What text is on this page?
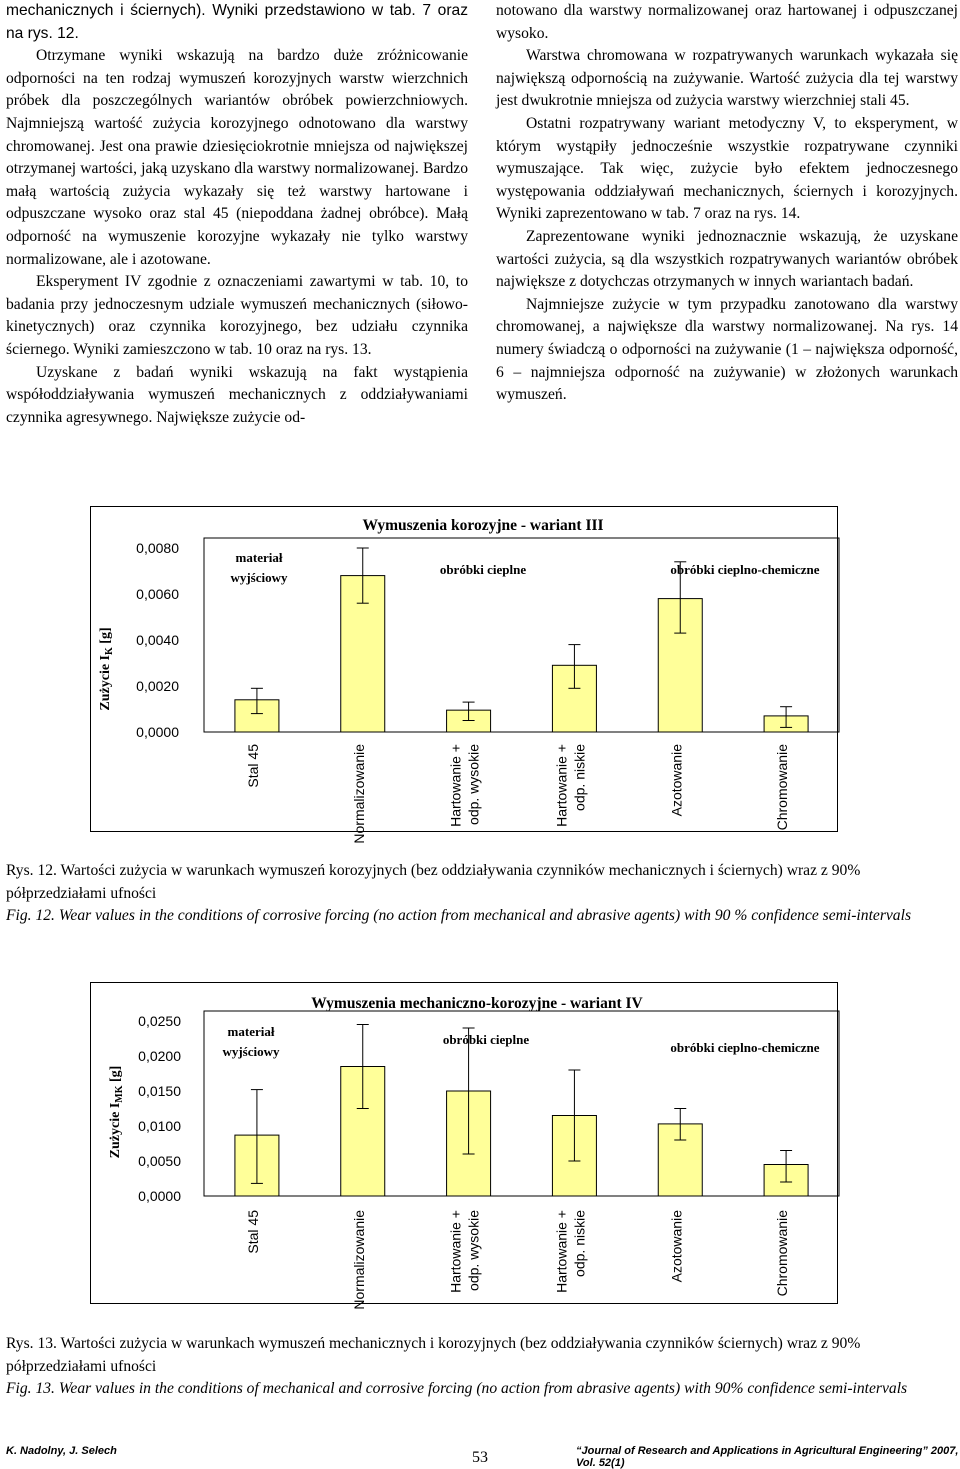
mechanicznych i ściernych). Wyniki przedstawiono w tab. 7 oraz na rys. 12.

Otrzymane wyniki wskazują na bardzo duże zróżnicowanie odporności na ten rodzaj wymuszeń korozyjnych warstw wierzchnich próbek dla poszczególnych wariantów obróbek powierzchniowych. Najmniejszą wartość zużycia korozyjnego odnotowano dla warstwy chromowanej. Jest ona prawie dziesięciokrotnie mniejsza od największej otrzymanej wartości, jaką uzyskano dla warstwy normalizowanej. Bardzo małą wartością zużycia wykazały się też warstwy hartowane i odpuszczane wysoko oraz stal 45 (niepoddana żadnej obróbce). Małą odporność na wymuszenie korozyjne wykazały nie tylko warstwy normalizowane, ale i azotowane.

Eksperyment IV zgodnie z oznaczeniami zawartymi w tab. 10, to badania przy jednoczesnym udziale wymuszeń mechanicznych (siłowo-kinetycznych) oraz czynnika korozyjnego, bez udziału czynnika ściernego. Wyniki zamieszczono w tab. 10 oraz na rys. 13.

Uzyskane z badań wyniki wskazują na fakt wystąpienia współoddziaływania wymuszeń mechanicznych z oddziaływaniami czynnika agresywnego. Największe zużycie od-

notowano dla warstwy normalizowanej oraz hartowanej i odpuszczanej wysoko.

Warstwa chromowana w rozpatrywanych warunkach wykazała się największą odpornością na zużywanie. Wartość zużycia dla tej warstwy jest dwukrotnie mniejsza od zużycia warstwy wierzchniej stali 45.

Ostatni rozpatrywany wariant metodyczny V, to eksperyment, w którym wystąpiły jednocześnie wszystkie rozpatrywane czynniki wymuszające. Tak więc, zużycie było efektem jednoczesnego występowania oddziaływań mechanicznych, ściernych i korozyjnych. Wyniki zaprezentowano w tab. 7 oraz na rys. 14.

Zaprezentowane wyniki jednoznacznie wskazują, że uzyskane wartości zużycia, są dla wszystkich rozpatrywanych wariantów obróbek największe z dotychczas otrzymanych w innych wariantach badań.

Najmniejsze zużycie w tym przypadku zanotowano dla warstwy chromowanej, a największe dla warstwy normalizowanej. Na rys. 14 numery świadczą o odporności na zużywanie (1 – największa odporność, 6 – najmniejsza odporność na zużywanie) w złożonych warunkach wymuszeń.

Wymuszenia korozyjne - wariant III
Zużycie $I_K$ [g]
0,0000
0,0020
0,0040
0,0060
0,0080
materiał
wyjściowy
obróbki cieplne	obróbki cieplno-chemiczne
Stal 45	Normalizowanie	Hartowanie + odp. wysokie	Hartowanie + odp. niskie	Azotowanie	Chromowanie

Rys. 12. Wartości zużycia w warunkach wymuszeń korozyjnych (bez oddziaływania czynników mechanicznych i ściernych) wraz z 90% półprzedziałami ufności

Fig. 12. Wear values in the conditions of corrosive forcing (no action from mechanical and abrasive agents) with 90 % confidence semi-intervals

Wymuszenia mechaniczno-korozyjne - wariant IV
Zużycie $I_{MK}$ [g]
0,0000
0,0050
0,0100
0,0150
0,0200
0,0250
materiał
wyjściowy
obróbki cieplne
obróbki cieplno-chemiczne
Stal 45	Normalizowanie	Hartowanie + odp. wysokie	Hartowanie + odp. niskie	Azotowanie	Chromowanie

Rys. 13. Wartości zużycia w warunkach wymuszeń mechanicznych i korozyjnych (bez oddziaływania czynników ściernych) wraz z 90% półprzedziałami ufności

Fig. 13. Wear values in the conditions of mechanical and corrosive forcing (no action from abrasive agents) with 90% confidence semi-intervals

K. Nadolny, J. Selech	53	“Journal of Research and Applications in Agricultural Engineering” 2007, Vol. 52(1)
